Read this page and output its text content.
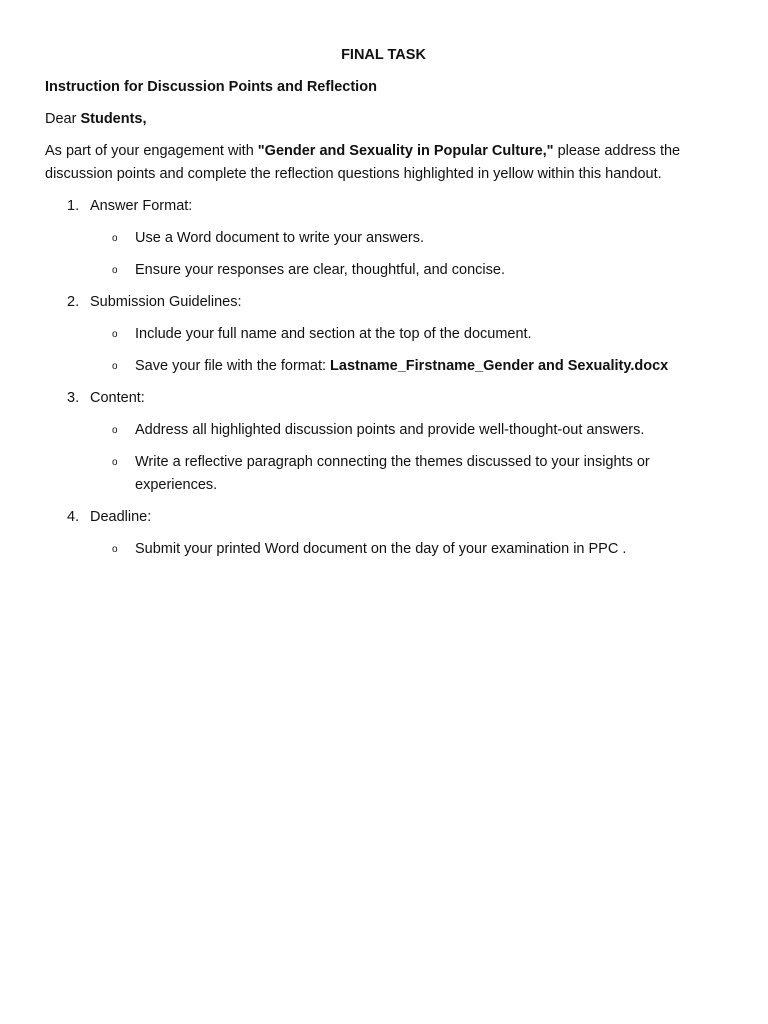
FINAL TASK
Instruction for Discussion Points and Reflection
Dear Students,
As part of your engagement with "Gender and Sexuality in Popular Culture," please address the discussion points and complete the reflection questions highlighted in yellow within this handout.
1. Answer Format:
o Use a Word document to write your answers.
o Ensure your responses are clear, thoughtful, and concise.
2. Submission Guidelines:
o Include your full name and section at the top of the document.
o Save your file with the format: Lastname_Firstname_Gender and Sexuality.docx
3. Content:
o Address all highlighted discussion points and provide well-thought-out answers.
o Write a reflective paragraph connecting the themes discussed to your insights or experiences.
4. Deadline:
o Submit your printed Word document on the day of your examination in PPC .
